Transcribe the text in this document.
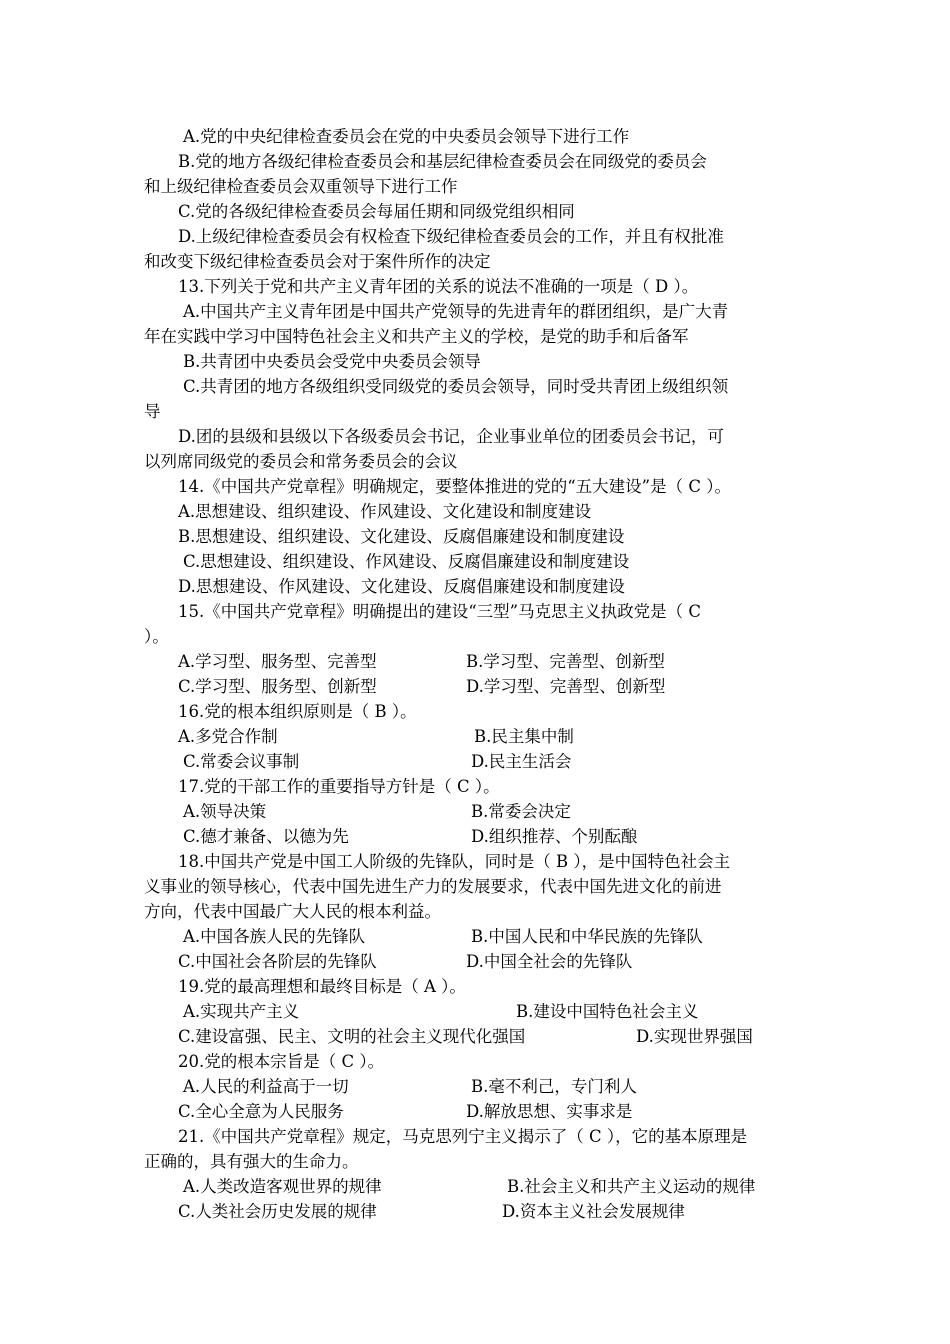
A.党的中央纪律检查委员会在党的中央委员会领导下进行工作
B.党的地方各级纪律检查委员会和基层纪律检查委员会在同级党的委员会
和上级纪律检查委员会双重领导下进行工作
C.党的各级纪律检查委员会每届任期和同级党组织相同
D.上级纪律检查委员会有权检查下级纪律检查委员会的工作，并且有权批准
和改变下级纪律检查委员会对于案件所作的决定
13.下列关于党和共产主义青年团的关系的说法不准确的一项是（ D ）。
A.中国共产主义青年团是中国共产党领导的先进青年的群团组织，是广大青
年在实践中学习中国特色社会主义和共产主义的学校，是党的助手和后备军
B.共青团中央委员会受党中央委员会领导
C.共青团的地方各级组织受同级党的委员会领导，同时受共青团上级组织领
导
D.团的县级和县级以下各级委员会书记，企业事业单位的团委员会书记，可
以列席同级党的委员会和常务委员会的会议
14.《中国共产党章程》明确规定，要整体推进的党的“五大建设”是（ C ）。
A.思想建设、组织建设、作风建设、文化建设和制度建设
B.思想建设、组织建设、文化建设、反腐倡廉建设和制度建设
C.思想建设、组织建设、作风建设、反腐倡廉建设和制度建设
D.思想建设、作风建设、文化建设、反腐倡廉建设和制度建设
15.《中国共产党章程》明确提出的建设“三型”马克思主义执政党是（ C
）。
A.学习型、服务型、完善型	B.学习型、完善型、创新型
C.学习型、服务型、创新型	D.学习型、完善型、创新型
16.党的根本组织原则是（ B ）。
A.多党合作制	B.民主集中制
C.常委会议事制	D.民主生活会
17.党的干部工作的重要指导方针是（ C ）。
A.领导决策	B.常委会决定
C.德才兼备、以德为先	D.组织推荐、个别酝酿
18.中国共产党是中国工人阶级的先锋队，同时是（ B ），是中国特色社会主
义事业的领导核心，代表中国先进生产力的发展要求，代表中国先进文化的前进
方向，代表中国最广大人民的根本利益。
A.中国各族人民的先锋队	B.中国人民和中华民族的先锋队
C.中国社会各阶层的先锋队	D.中国全社会的先锋队
19.党的最高理想和最终目标是（ A ）。
A.实现共产主义	B.建设中国特色社会主义
C.建设富强、民主、文明的社会主义现代化强国	D.实现世界强国
20.党的根本宗旨是（ C ）。
A.人民的利益高于一切	B.毫不利己，专门利人
C.全心全意为人民服务	D.解放思想、实事求是
21.《中国共产党章程》规定，马克思列宁主义揭示了（ C ），它的基本原理是
正确的，具有强大的生命力。
A.人类改造客观世界的规律	B.社会主义和共产主义运动的规律
C.人类社会历史发展的规律	D.资本主义社会发展规律
